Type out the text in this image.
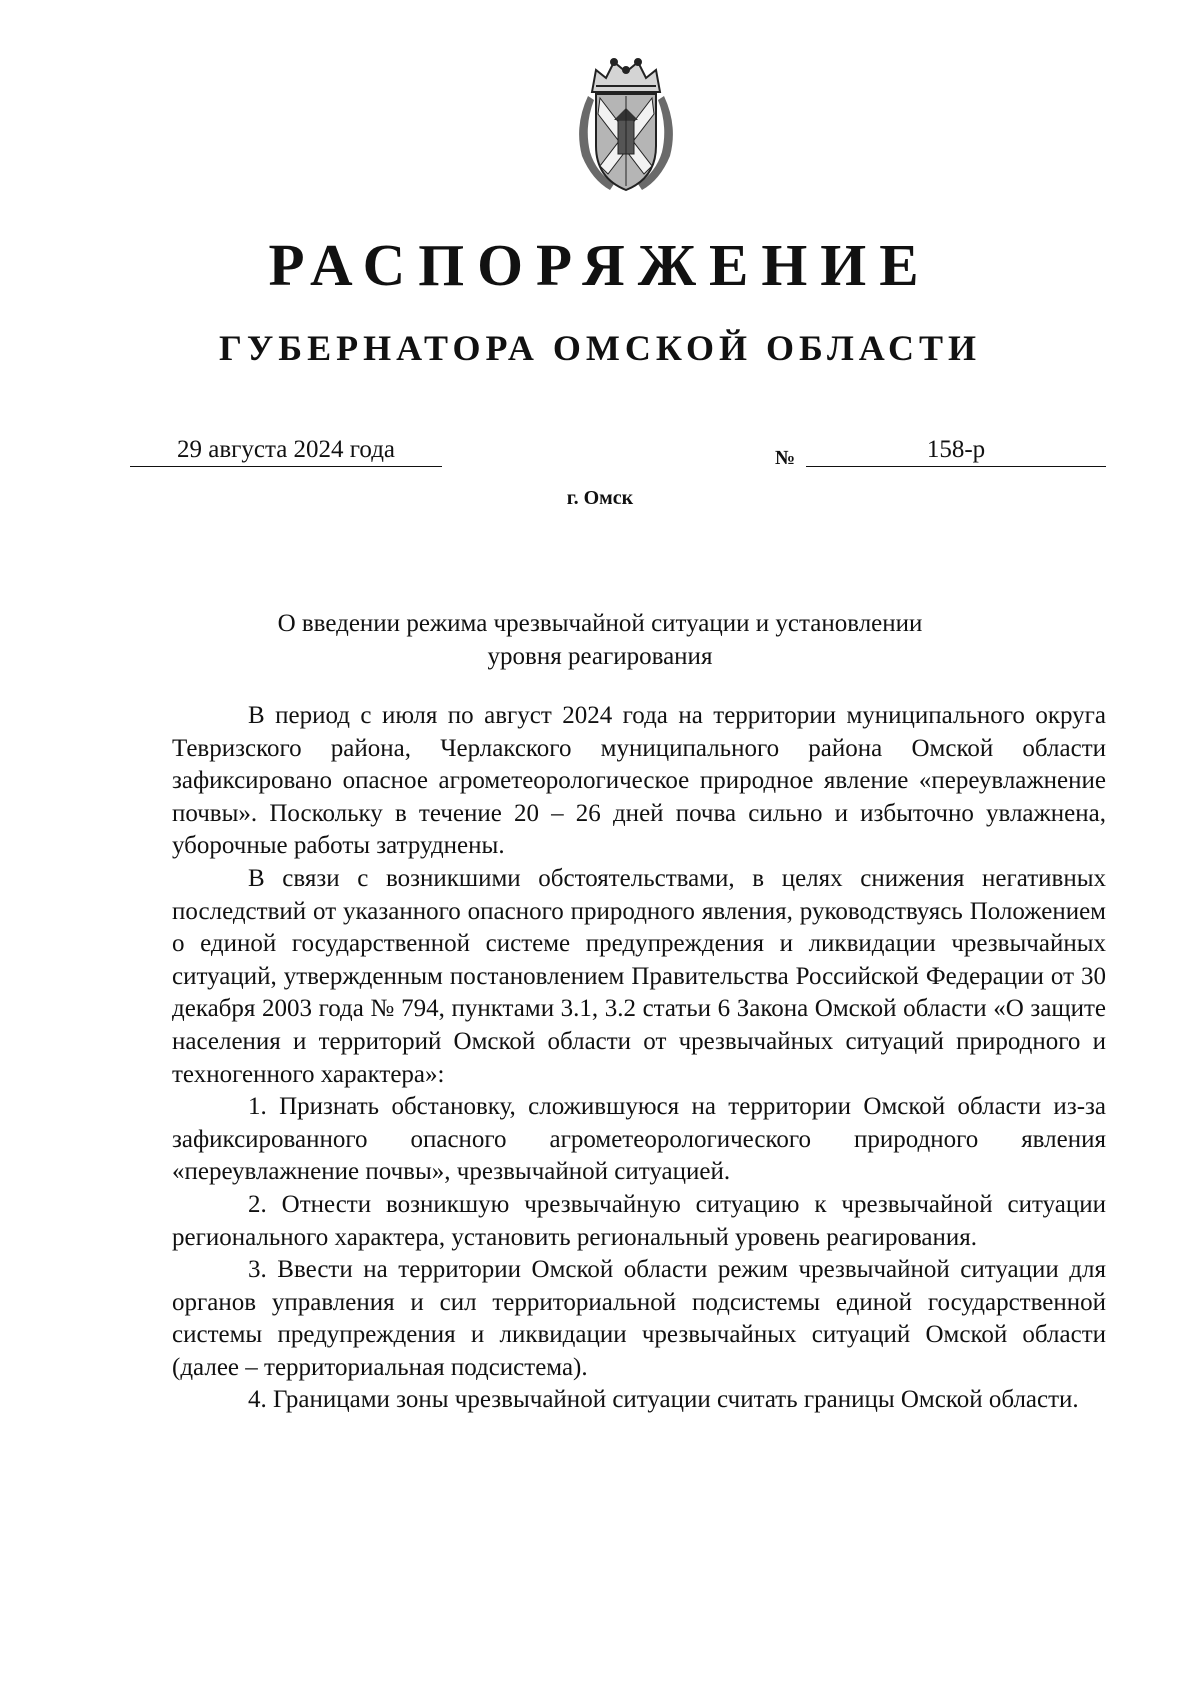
РАСПОРЯЖЕНИЕ
ГУБЕРНАТОРА ОМСКОЙ ОБЛАСТИ
29 августа 2024 года	№	158-р
г. Омск
О введении режима чрезвычайной ситуации и установлении
уровня реагирования

В период с июля по август 2024 года на территории муниципального округа Тевризского района, Черлакского муниципального района Омской области зафиксировано опасное агрометеорологическое природное явление «переувлажнение почвы». Поскольку в течение 20 – 26 дней почва сильно и избыточно увлажнена, уборочные работы затруднены.

В связи с возникшими обстоятельствами, в целях снижения негативных последствий от указанного опасного природного явления, руководствуясь Положением о единой государственной системе предупреждения и ликвидации чрезвычайных ситуаций, утвержденным постановлением Правительства Российской Федерации от 30 декабря 2003 года № 794, пунктами 3.1, 3.2 статьи 6 Закона Омской области «О защите населения и территорий Омской области от чрезвычайных ситуаций природного и техногенного характера»:

1. Признать обстановку, сложившуюся на территории Омской области из-за зафиксированного опасного агрометеорологического природного явления «переувлажнение почвы», чрезвычайной ситуацией.

2. Отнести возникшую чрезвычайную ситуацию к чрезвычайной ситуации регионального характера, установить региональный уровень реагирования.

3. Ввести на территории Омской области режим чрезвычайной ситуации для органов управления и сил территориальной подсистемы единой государственной системы предупреждения и ликвидации чрезвычайных ситуаций Омской области (далее – территориальная подсистема).

4. Границами зоны чрезвычайной ситуации считать границы Омской области.
